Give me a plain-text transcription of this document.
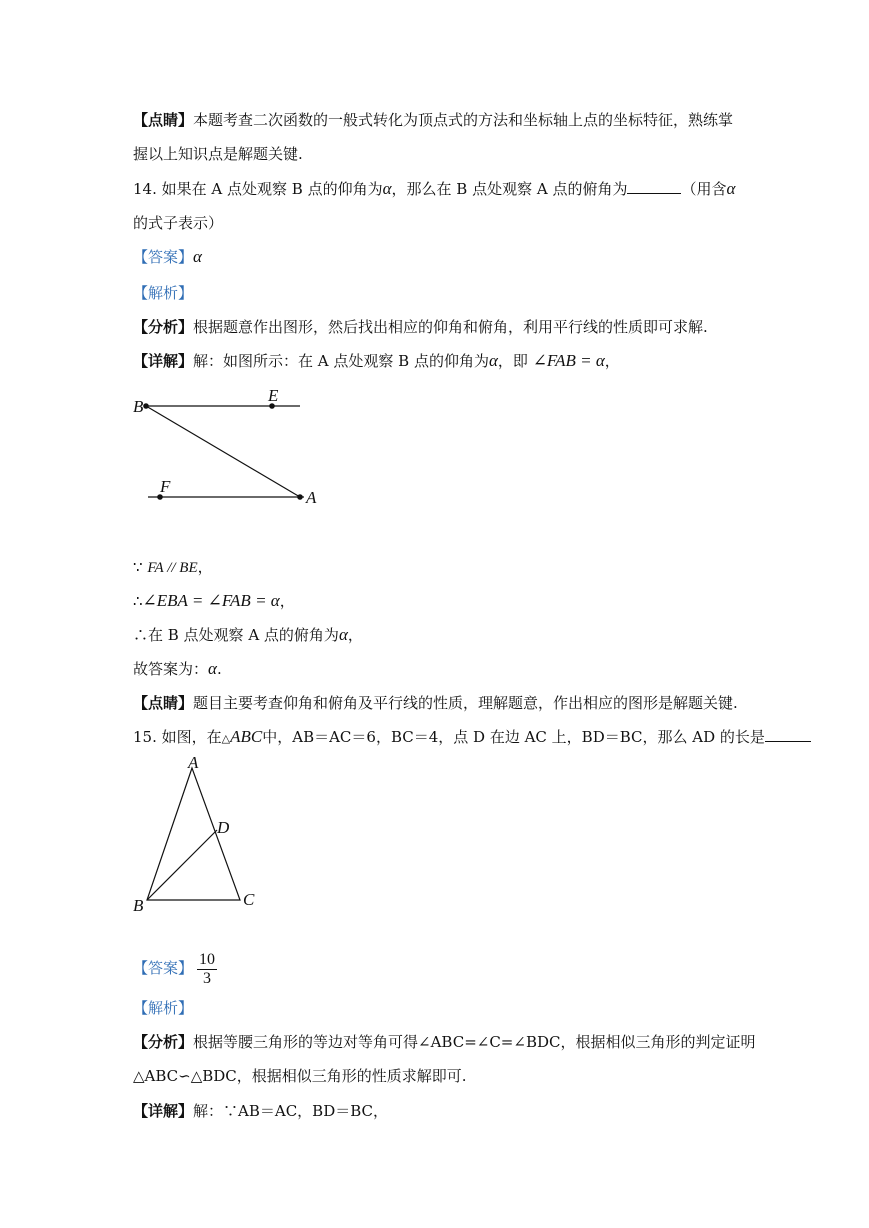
【点睛】本题考查二次函数的一般式转化为顶点式的方法和坐标轴上点的坐标特征，熟练掌
握以上知识点是解题关键.
14. 如果在 A 点处观察 B 点的仰角为α，那么在 B 点处观察 A 点的俯角为	（用含α
的式子表示）
【答案】α
【解析】
【分析】根据题意作出图形，然后找出相应的仰角和俯角，利用平行线的性质即可求解.
【详解】解：如图所示：在 A 点处观察 B 点的仰角为α，即 ∠FAB = α，
B
E
F
A
∵ FA // BE，
∴∠EBA = ∠FAB = α，
∴在 B 点处观察 A 点的俯角为α，
故答案为：α.
【点睛】题目主要考查仰角和俯角及平行线的性质，理解题意，作出相应的图形是解题关键.
15. 如图，在△ABC中，AB＝AC＝6，BC＝4，点 D 在边 AC 上，BD＝BC，那么 AD 的长是
A
B	C
D
【答案】 $\frac{10}{3}$
【解析】
【分析】根据等腰三角形的等边对等角可得∠ABC=∠C=∠BDC，根据相似三角形的判定证明
△ABC∽△BDC，根据相似三角形的性质求解即可.
【详解】解：∵AB＝AC，BD＝BC，
